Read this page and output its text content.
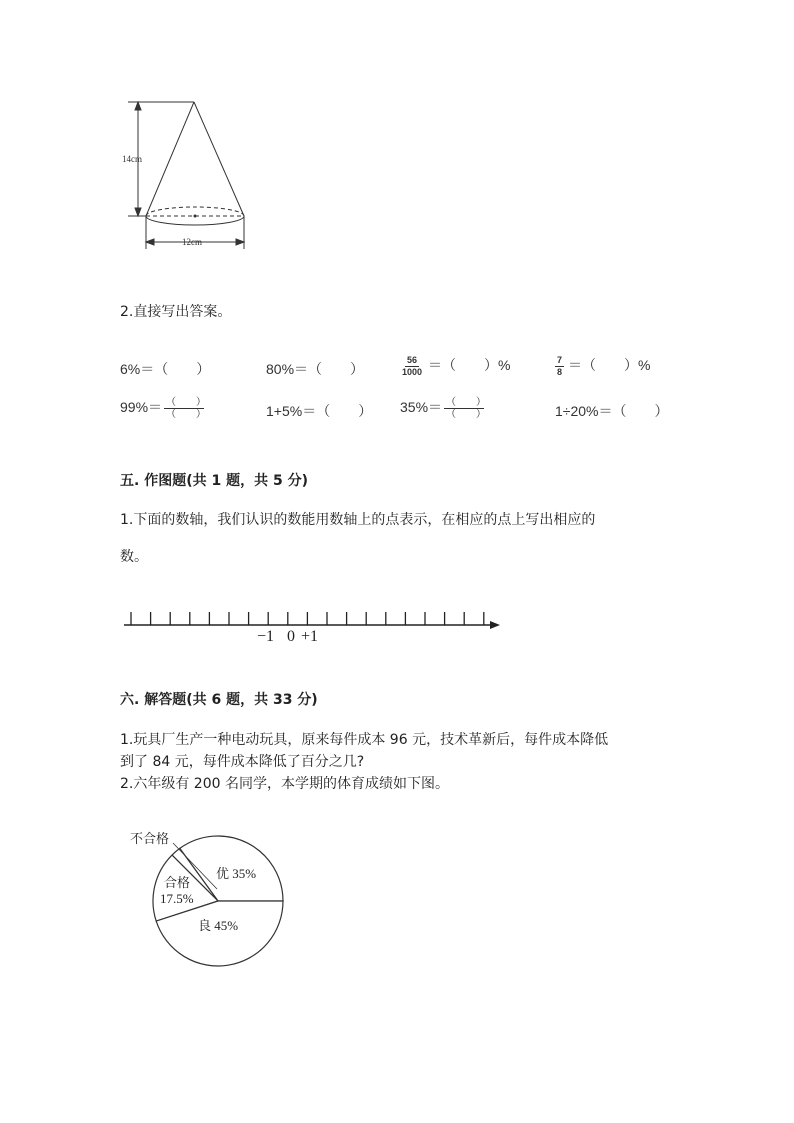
14cm
12cm
2.直接写出答案。
6%＝（　　）	80%＝（　　）	$\frac{56}{1000}$ ＝（　　）%	$\frac{7}{8}$ ＝（　　）%
$99\%= \frac{( )}{( )}$	1+5%＝（　　） $35\%= \frac{( )}{( )}$	1÷20%＝（　　）
五. 作图题(共 1 题，共 5 分)
1.下面的数轴，我们认识的数能用数轴上的点表示，在相应的点上写出相应的
数。
−1 0 +1
六. 解答题(共 6 题，共 33 分)
1.玩具厂生产一种电动玩具，原来每件成本 96 元，技术革新后，每件成本降低
到了 84 元，每件成本降低了百分之几?
2.六年级有 200 名同学，本学期的体育成绩如下图。
不合格
合格
17.5%
优 35%
良 45%
